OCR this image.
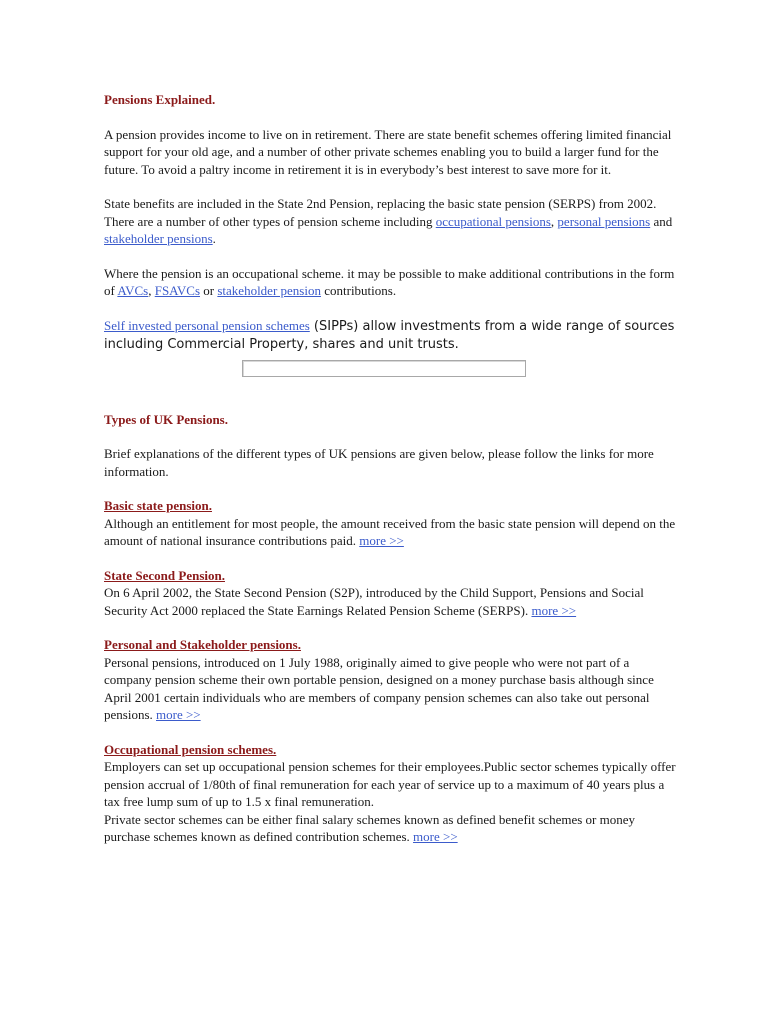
Pensions Explained.

A pension provides income to live on in retirement. There are state benefit schemes offering limited financial support for your old age, and a number of other private schemes enabling you to build a larger fund for the future. To avoid a paltry income in retirement it is in everybody’s best interest to save more for it.

State benefits are included in the State 2nd Pension, replacing the basic state pension (SERPS) from 2002. There are a number of other types of pension scheme including occupational pensions, personal pensions and stakeholder pensions.

Where the pension is an occupational scheme. it may be possible to make additional contributions in the form of AVCs, FSAVCs or stakeholder pension contributions.

Self invested personal pension schemes (SIPPs) allow investments from a wide range of sources including Commercial Property, shares and unit trusts.

Types of UK Pensions.

Brief explanations of the different types of UK pensions are given below, please follow the links for more information.

Basic state pension.

Although an entitlement for most people, the amount received from the basic state pension will depend on the amount of national insurance contributions paid. more >>

State Second Pension.

On 6 April 2002, the State Second Pension (S2P), introduced by the Child Support, Pensions and Social Security Act 2000 replaced the State Earnings Related Pension Scheme (SERPS). more >>

Personal and Stakeholder pensions.

Personal pensions, introduced on 1 July 1988, originally aimed to give people who were not part of a company pension scheme their own portable pension, designed on a money purchase basis although since April 2001 certain individuals who are members of company pension schemes can also take out personal pensions. more >>

Occupational pension schemes.

Employers can set up occupational pension schemes for their employees.Public sector schemes typically offer pension accrual of 1/80th of final remuneration for each year of service up to a maximum of 40 years plus a tax free lump sum of up to 1.5 x final remuneration.

Private sector schemes can be either final salary schemes known as defined benefit schemes or money purchase schemes known as defined contribution schemes. more >>
